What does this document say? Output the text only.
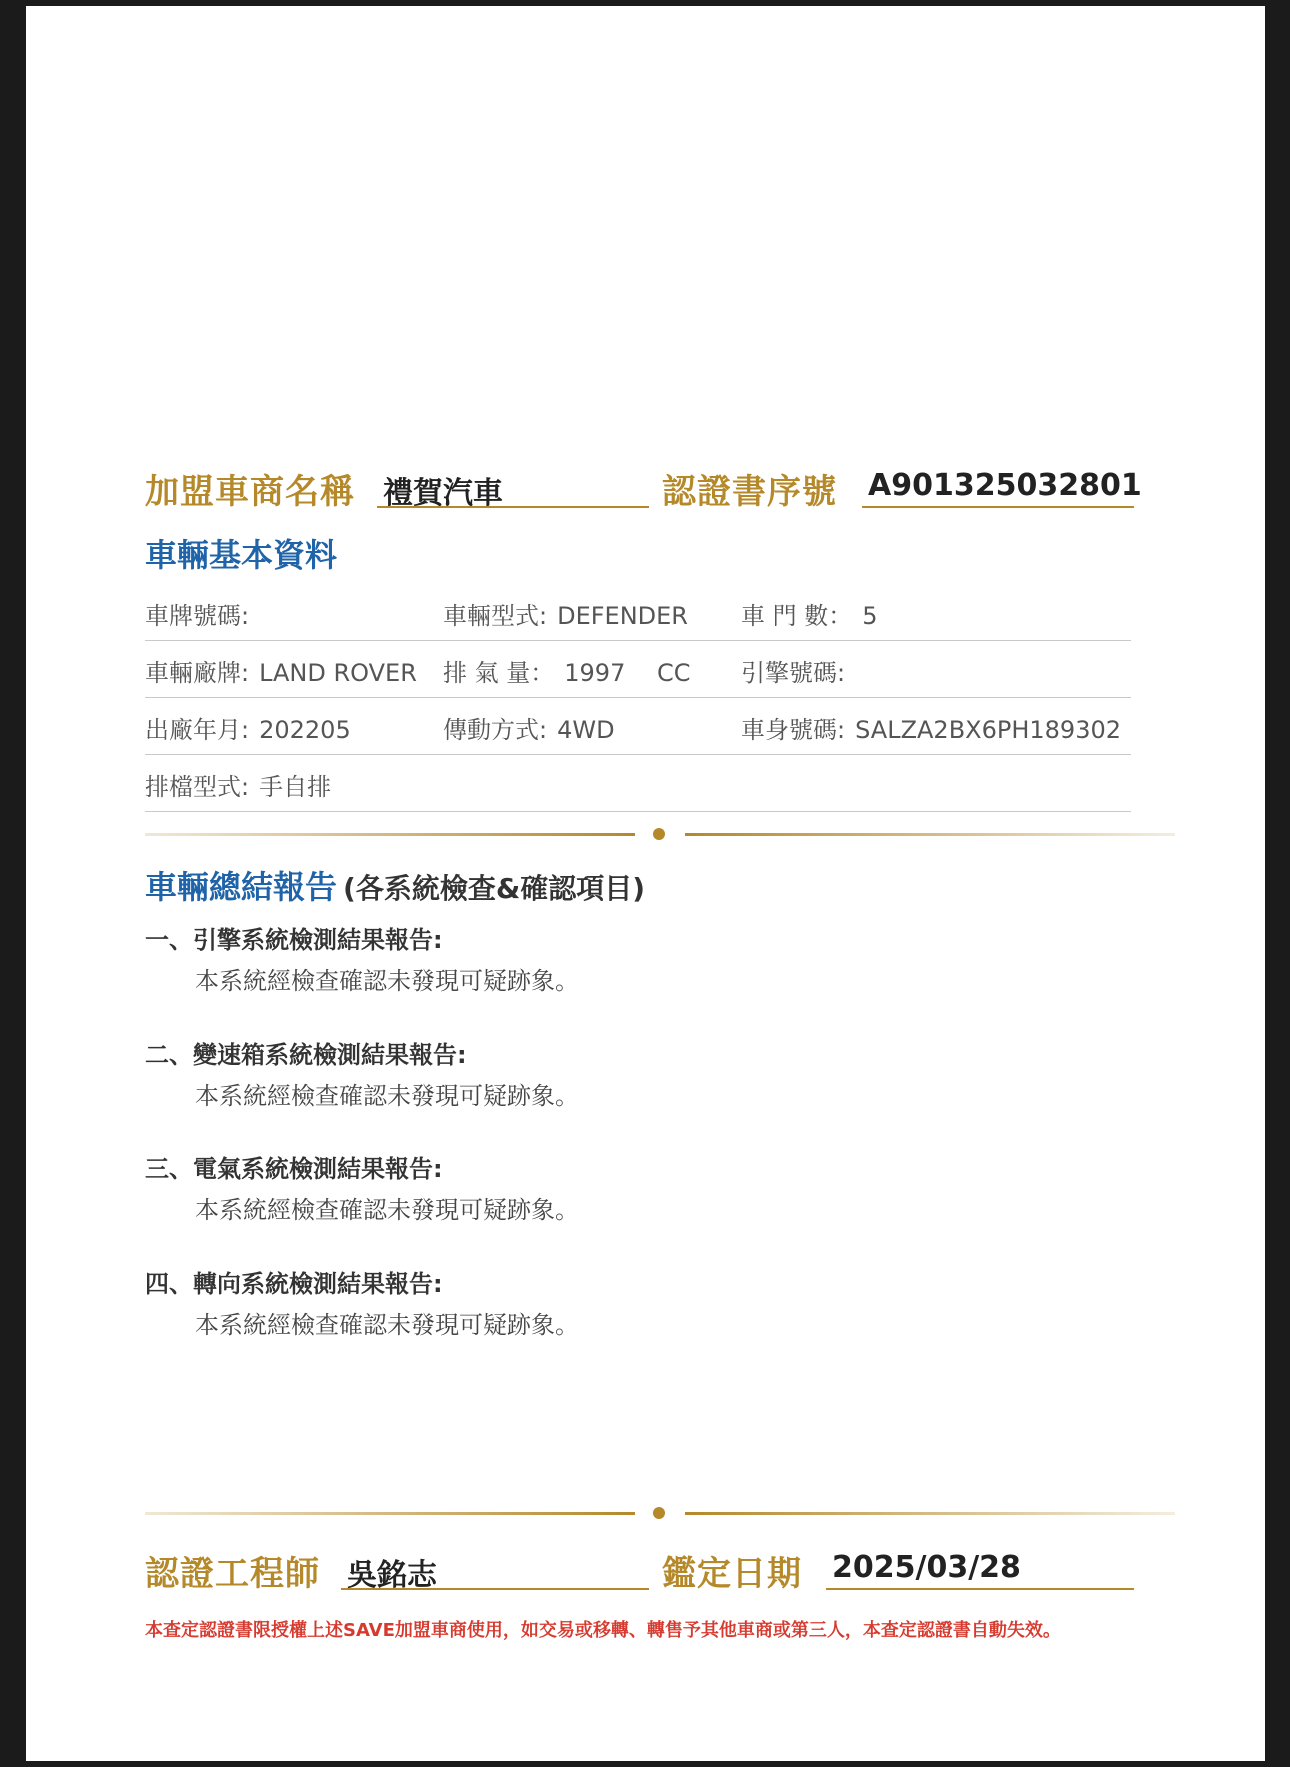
加盟車商名稱 禮賀汽車	認證書序號 A901325032801
車輛基本資料
車牌號碼:	車輛型式: DEFENDER 車 門 數： 5
車輛廠牌: LAND ROVER 排 氣 量： 1997　 CC 引擎號碼:
出廠年月: 202205	傳動方式: 4WD	車身號碼: SALZA2BX6PH189302
排檔型式: 手自排
車輛總結報告 (各系統檢查&確認項目)
一、引擎系統檢測結果報告:
本系統經檢查確認未發現可疑跡象。
二、變速箱系統檢測結果報告:
本系統經檢查確認未發現可疑跡象。
三、電氣系統檢測結果報告:
本系統經檢查確認未發現可疑跡象。
四、轉向系統檢測結果報告:
本系統經檢查確認未發現可疑跡象。
認證工程師 吳銘志	鑑定日期 2025/03/28
本查定認證書限授權上述SAVE加盟車商使用，如交易或移轉、轉售予其他車商或第三人，本查定認證書自動失效。
